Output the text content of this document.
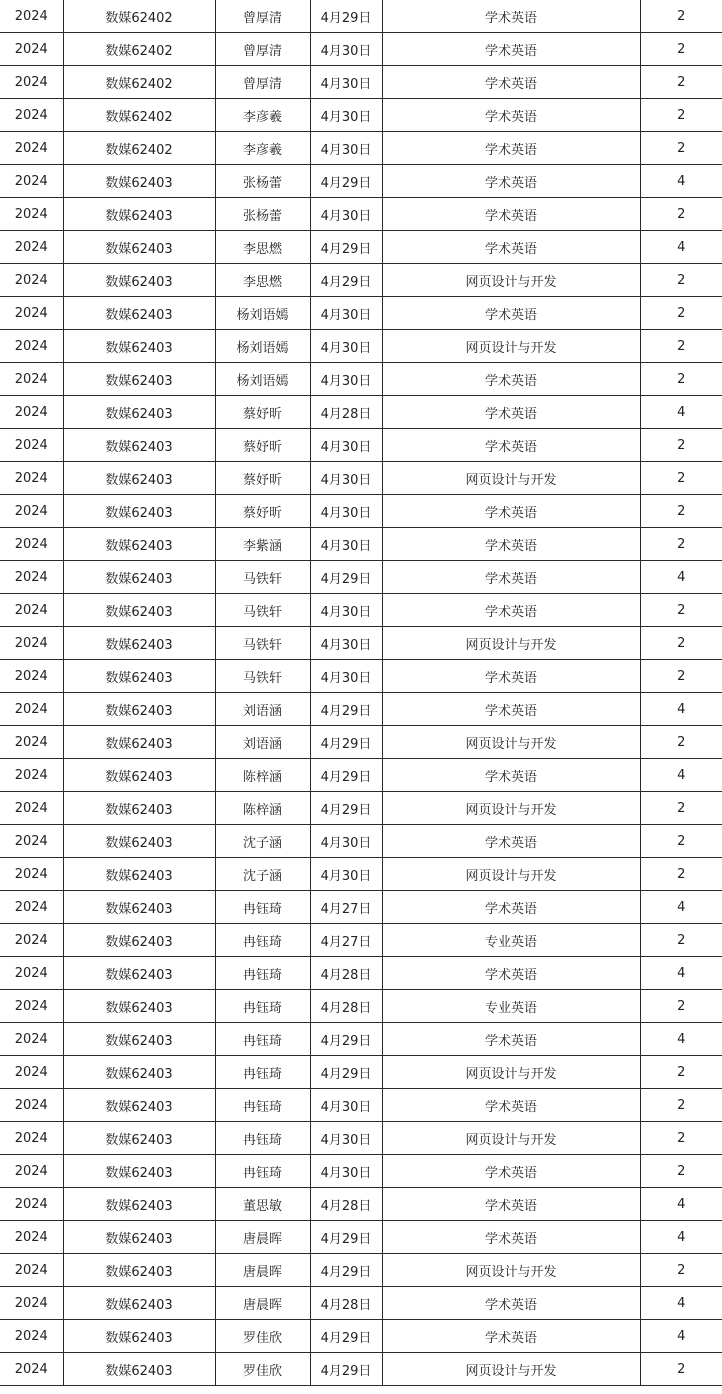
2024	数媒62402	曾厚清	4月29日	学术英语	2
2024	数媒62402	曾厚清	4月30日	学术英语	2
2024	数媒62402	曾厚清	4月30日	学术英语	2
2024	数媒62402	李彦羲	4月30日	学术英语	2
2024	数媒62402	李彦羲	4月30日	学术英语	2
2024	数媒62403	张杨蕾	4月29日	学术英语	4
2024	数媒62403	张杨蕾	4月30日	学术英语	2
2024	数媒62403	李思燃	4月29日	学术英语	4
2024	数媒62403	李思燃	4月29日	网页设计与开发	2
2024	数媒62403	杨刘语嫣	4月30日	学术英语	2
2024	数媒62403	杨刘语嫣	4月30日	网页设计与开发	2
2024	数媒62403	杨刘语嫣	4月30日	学术英语	2
2024	数媒62403	蔡妤昕	4月28日	学术英语	4
2024	数媒62403	蔡妤昕	4月30日	学术英语	2
2024	数媒62403	蔡妤昕	4月30日	网页设计与开发	2
2024	数媒62403	蔡妤昕	4月30日	学术英语	2
2024	数媒62403	李紫涵	4月30日	学术英语	2
2024	数媒62403	马铁轩	4月29日	学术英语	4
2024	数媒62403	马铁轩	4月30日	学术英语	2
2024	数媒62403	马铁轩	4月30日	网页设计与开发	2
2024	数媒62403	马铁轩	4月30日	学术英语	2
2024	数媒62403	刘语涵	4月29日	学术英语	4
2024	数媒62403	刘语涵	4月29日	网页设计与开发	2
2024	数媒62403	陈梓涵	4月29日	学术英语	4
2024	数媒62403	陈梓涵	4月29日	网页设计与开发	2
2024	数媒62403	沈子涵	4月30日	学术英语	2
2024	数媒62403	沈子涵	4月30日	网页设计与开发	2
2024	数媒62403	冉钰琦	4月27日	学术英语	4
2024	数媒62403	冉钰琦	4月27日	专业英语	2
2024	数媒62403	冉钰琦	4月28日	学术英语	4
2024	数媒62403	冉钰琦	4月28日	专业英语	2
2024	数媒62403	冉钰琦	4月29日	学术英语	4
2024	数媒62403	冉钰琦	4月29日	网页设计与开发	2
2024	数媒62403	冉钰琦	4月30日	学术英语	2
2024	数媒62403	冉钰琦	4月30日	网页设计与开发	2
2024	数媒62403	冉钰琦	4月30日	学术英语	2
2024	数媒62403	董思敏	4月28日	学术英语	4
2024	数媒62403	唐晨晖	4月29日	学术英语	4
2024	数媒62403	唐晨晖	4月29日	网页设计与开发	2
2024	数媒62403	唐晨晖	4月28日	学术英语	4
2024	数媒62403	罗佳欣	4月29日	学术英语	4
2024	数媒62403	罗佳欣	4月29日	网页设计与开发	2
